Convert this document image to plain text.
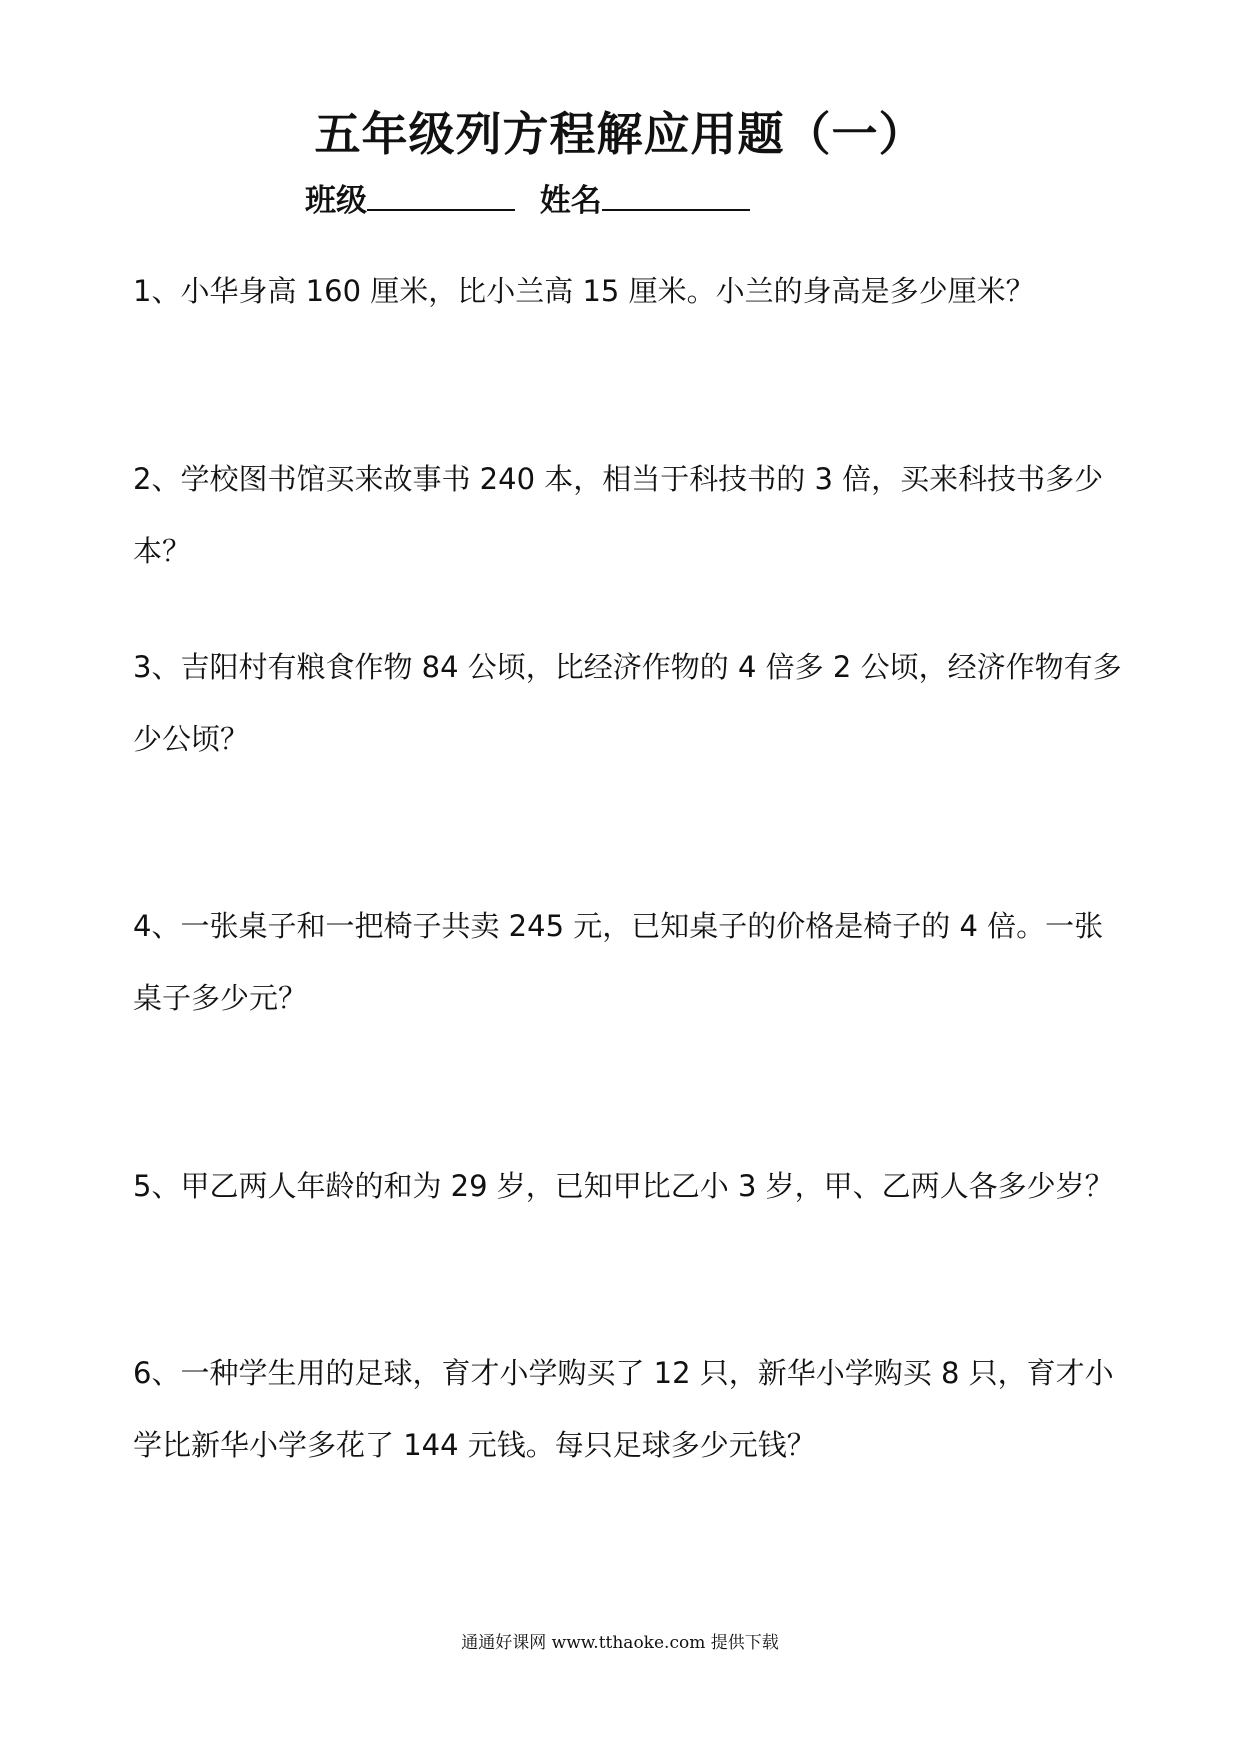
五年级列方程解应用题（一）
班级	姓名

1、小华身高 160 厘米，比小兰高 15 厘米。小兰的身高是多少厘米？

2、学校图书馆买来故事书 240 本，相当于科技书的 3 倍，买来科技书多少本？

3、吉阳村有粮食作物 84 公顷，比经济作物的 4 倍多 2 公顷，经济作物有多少公顷？

4、一张桌子和一把椅子共卖 245 元，已知桌子的价格是椅子的 4 倍。一张桌子多少元？

5、甲乙两人年龄的和为 29 岁，已知甲比乙小 3 岁，甲、乙两人各多少岁？

6、一种学生用的足球，育才小学购买了 12 只，新华小学购买 8 只，育才小学比新华小学多花了 144 元钱。每只足球多少元钱？

通通好课网 www.tthaoke.com 提供下载
